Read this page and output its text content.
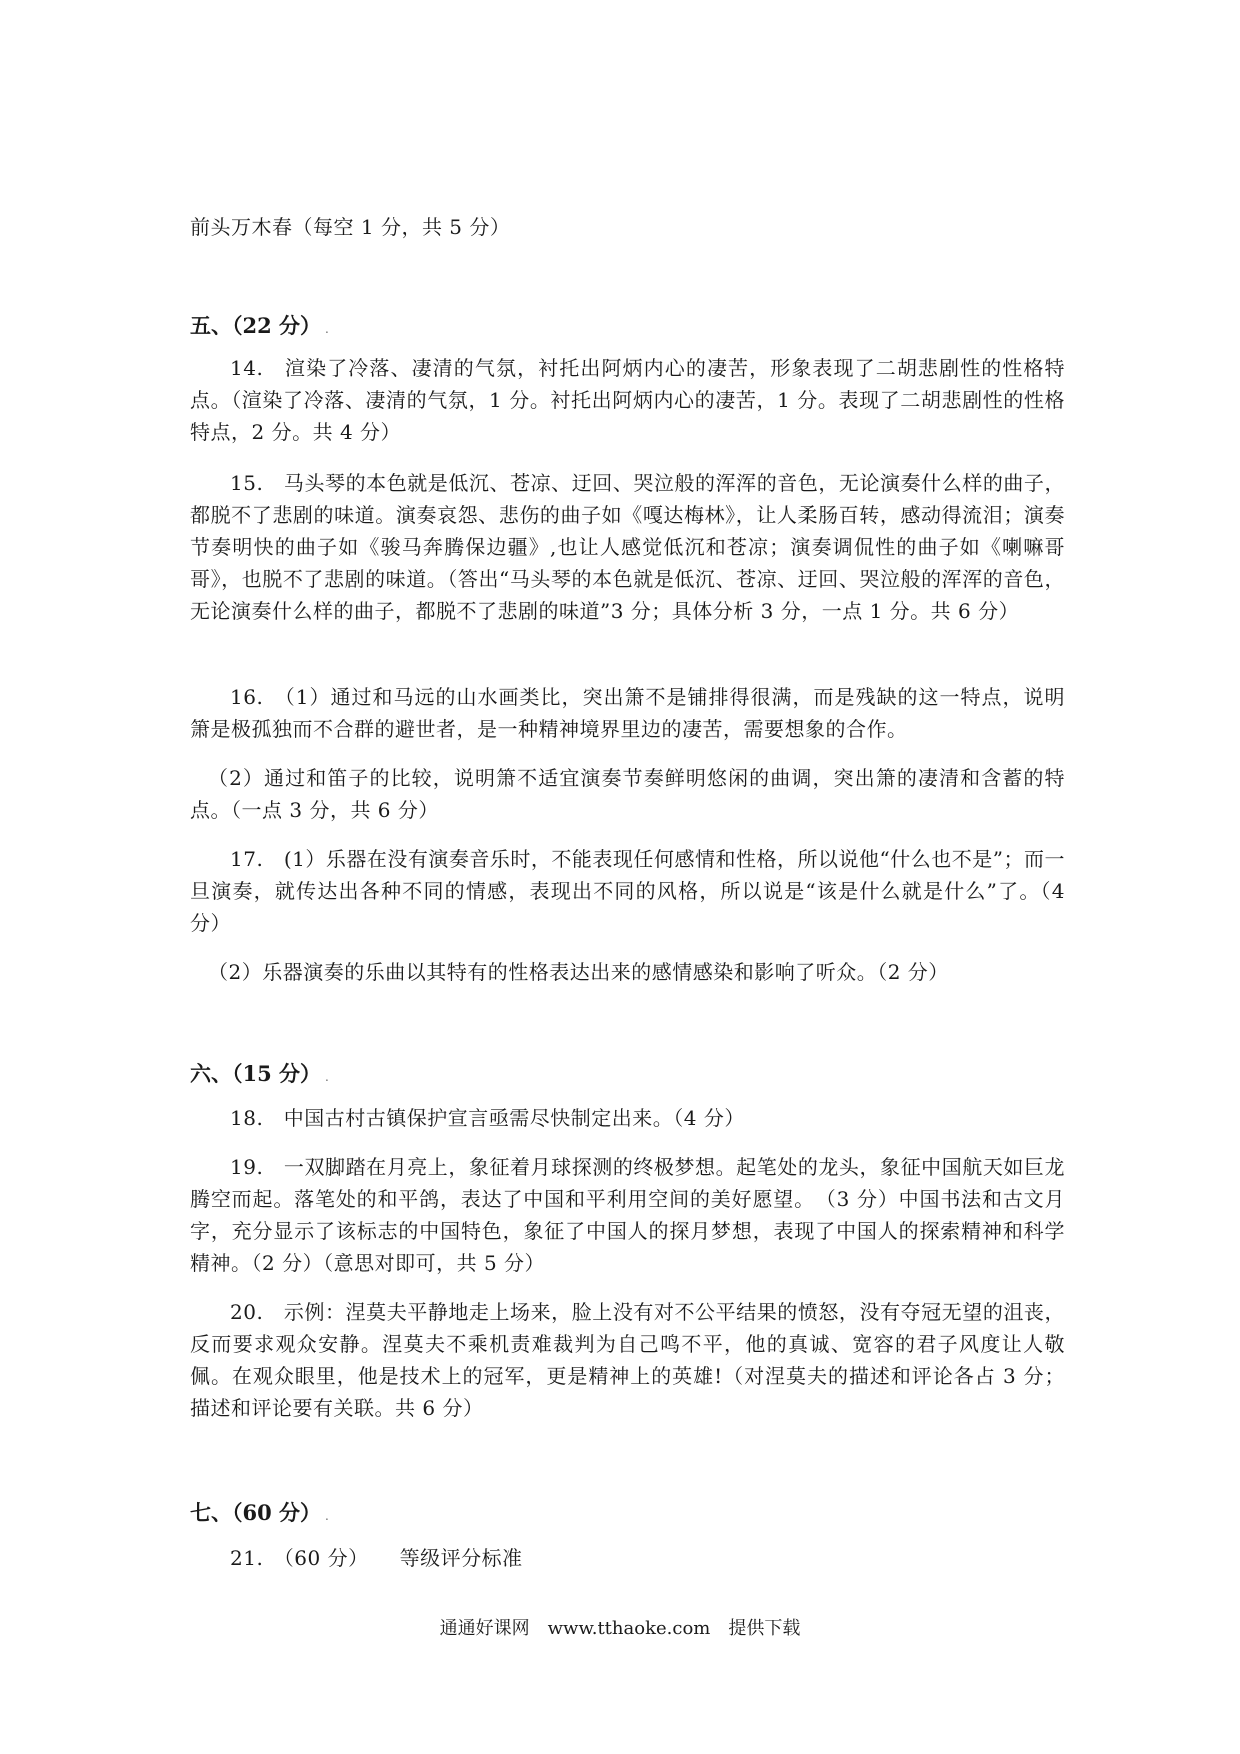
前头万木春（每空 1 分，共 5 分）
五、（22 分） .
14.　渲染了冷落、凄清的气氛，衬托出阿炳内心的凄苦，形象表现了二胡悲剧性的性格特点。（渲染了冷落、凄清的气氛，1 分。衬托出阿炳内心的凄苦，1 分。表现了二胡悲剧性的性格特点，2 分。共 4 分）
15.　马头琴的本色就是低沉、苍凉、迂回、哭泣般的浑浑的音色，无论演奏什么样的曲子，都脱不了悲剧的味道。演奏哀怨、悲伤的曲子如《嘎达梅林》，让人柔肠百转，感动得流泪；演奏节奏明快的曲子如《骏马奔腾保边疆》,也让人感觉低沉和苍凉；演奏调侃性的曲子如《喇嘛哥哥》，也脱不了悲剧的味道。（答出“马头琴的本色就是低沉、苍凉、迂回、哭泣般的浑浑的音色，无论演奏什么样的曲子，都脱不了悲剧的味道”3 分；具体分析 3 分，一点 1 分。共 6 分）
16.　（1）通过和马远的山水画类比，突出箫不是铺排得很满，而是残缺的这一特点，说明箫是极孤独而不合群的避世者，是一种精神境界里边的凄苦，需要想象的合作。
（2）通过和笛子的比较，说明箫不适宜演奏节奏鲜明悠闲的曲调，突出箫的凄清和含蓄的特点。（一点 3 分，共 6 分）
17.　(1）乐器在没有演奏音乐时，不能表现任何感情和性格，所以说他“什么也不是”；而一旦演奏，就传达出各种不同的情感，表现出不同的风格，所以说是“该是什么就是什么”了。（4 分）
（2）乐器演奏的乐曲以其特有的性格表达出来的感情感染和影响了听众。（2 分）
六、（15 分） .
18.　中国古村古镇保护宣言亟需尽快制定出来。（4 分）
19.　一双脚踏在月亮上，象征着月球探测的终极梦想。起笔处的龙头，象征中国航天如巨龙腾空而起。落笔处的和平鸽，表达了中国和平利用空间的美好愿望。　（3 分）中国书法和古文月字，充分显示了该标志的中国特色，象征了中国人的探月梦想，表现了中国人的探索精神和科学精神。（2 分）（意思对即可，共 5 分）
20.　示例：涅莫夫平静地走上场来，脸上没有对不公平结果的愤怒，没有夺冠无望的沮丧，反而要求观众安静。涅莫夫不乘机责难裁判为自己鸣不平，他的真诚、宽容的君子风度让人敬佩。在观众眼里，他是技术上的冠军，更是精神上的英雄!（对涅莫夫的描述和评论各占 3 分；描述和评论要有关联。共 6 分）
七、（60 分） .
21.　（60 分）　　等级评分标准
通通好课网　www.tthaoke.com　提供下载
